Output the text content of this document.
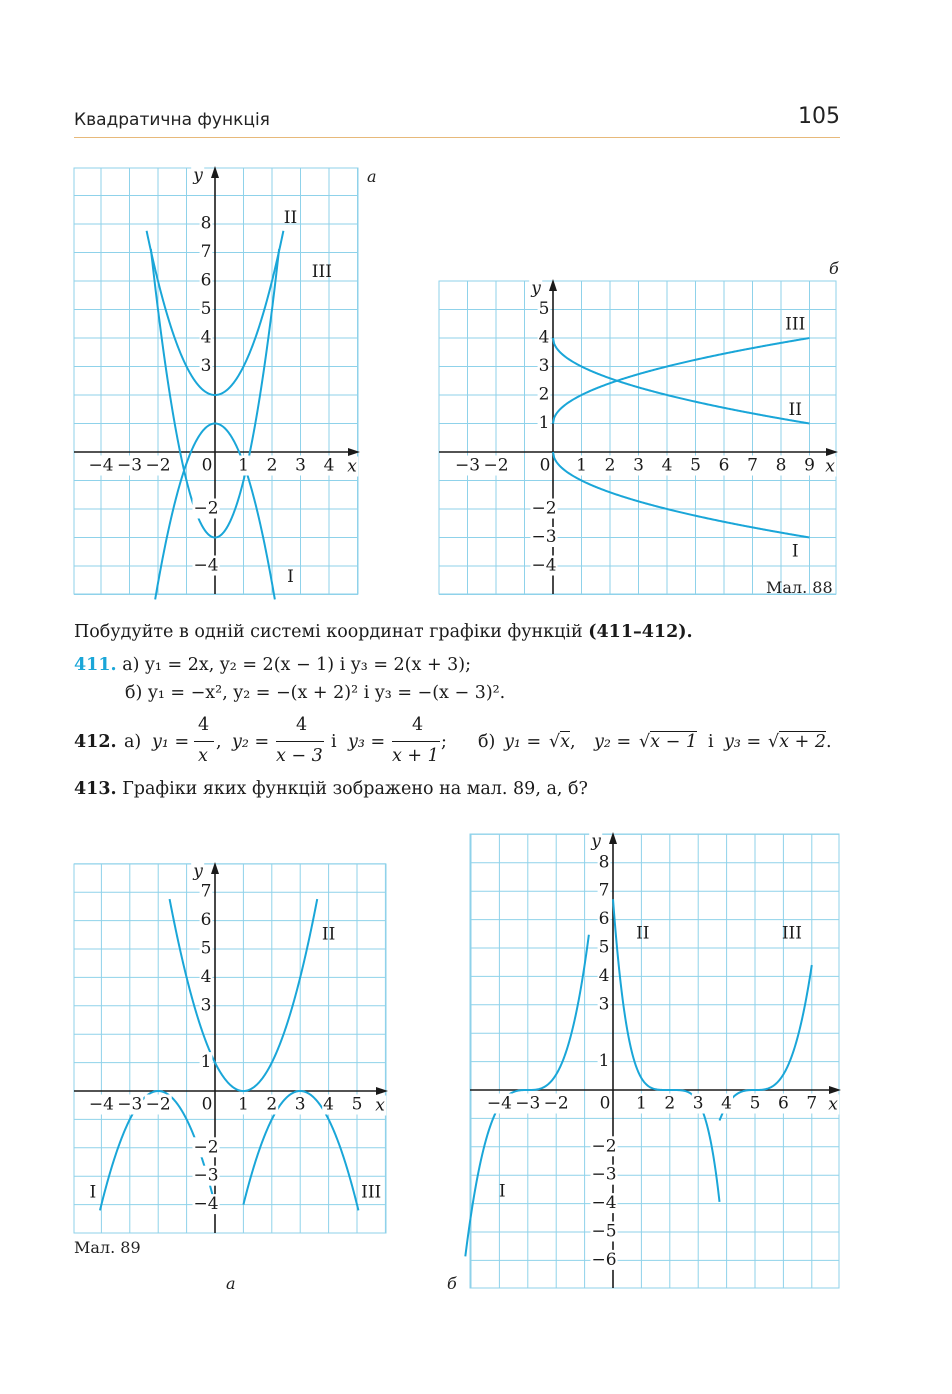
Квадратична функція	105
−4 −3 −2 0 1 2 3 4 x
8
7
6
5
4
3
−2
−4
y
I
II
III
а
−3 −2 0 1 2 3 4 5 6 7 8 9 x
5
4
3
2
1
−2
−3
−4
y
I
II
III
б
Мал. 88
Побудуйте в одній системі координат графіки функцій (411–412).
411. а) y₁ = 2x, y₂ = 2(x − 1) і y₃ = 2(x + 3);
б) y₁ = −x², y₂ = −(x + 2)² і y₃ = −(x − 3)².
412. а) y₁ =
4
x
, y₂ =
4
x − 3
і y₃ =
4
x + 1
; б) y₁ = √x, y₂ = √x − 1 і y₃ = √x + 2.
413. Графіки яких функцій зображено на мал. 89, а, б?
−4 −3 −2 0 1 2 3 4 5 x
7
6
5
4
3
1
−2
−3
−4
y
I
II
III
Мал. 89
а
−4 −3 −2 0 1 2 3 4 5 6 7 x
8
7
6
5
4
3
1
−2
−3
−4
−5
−6
y
I
II	III
б
